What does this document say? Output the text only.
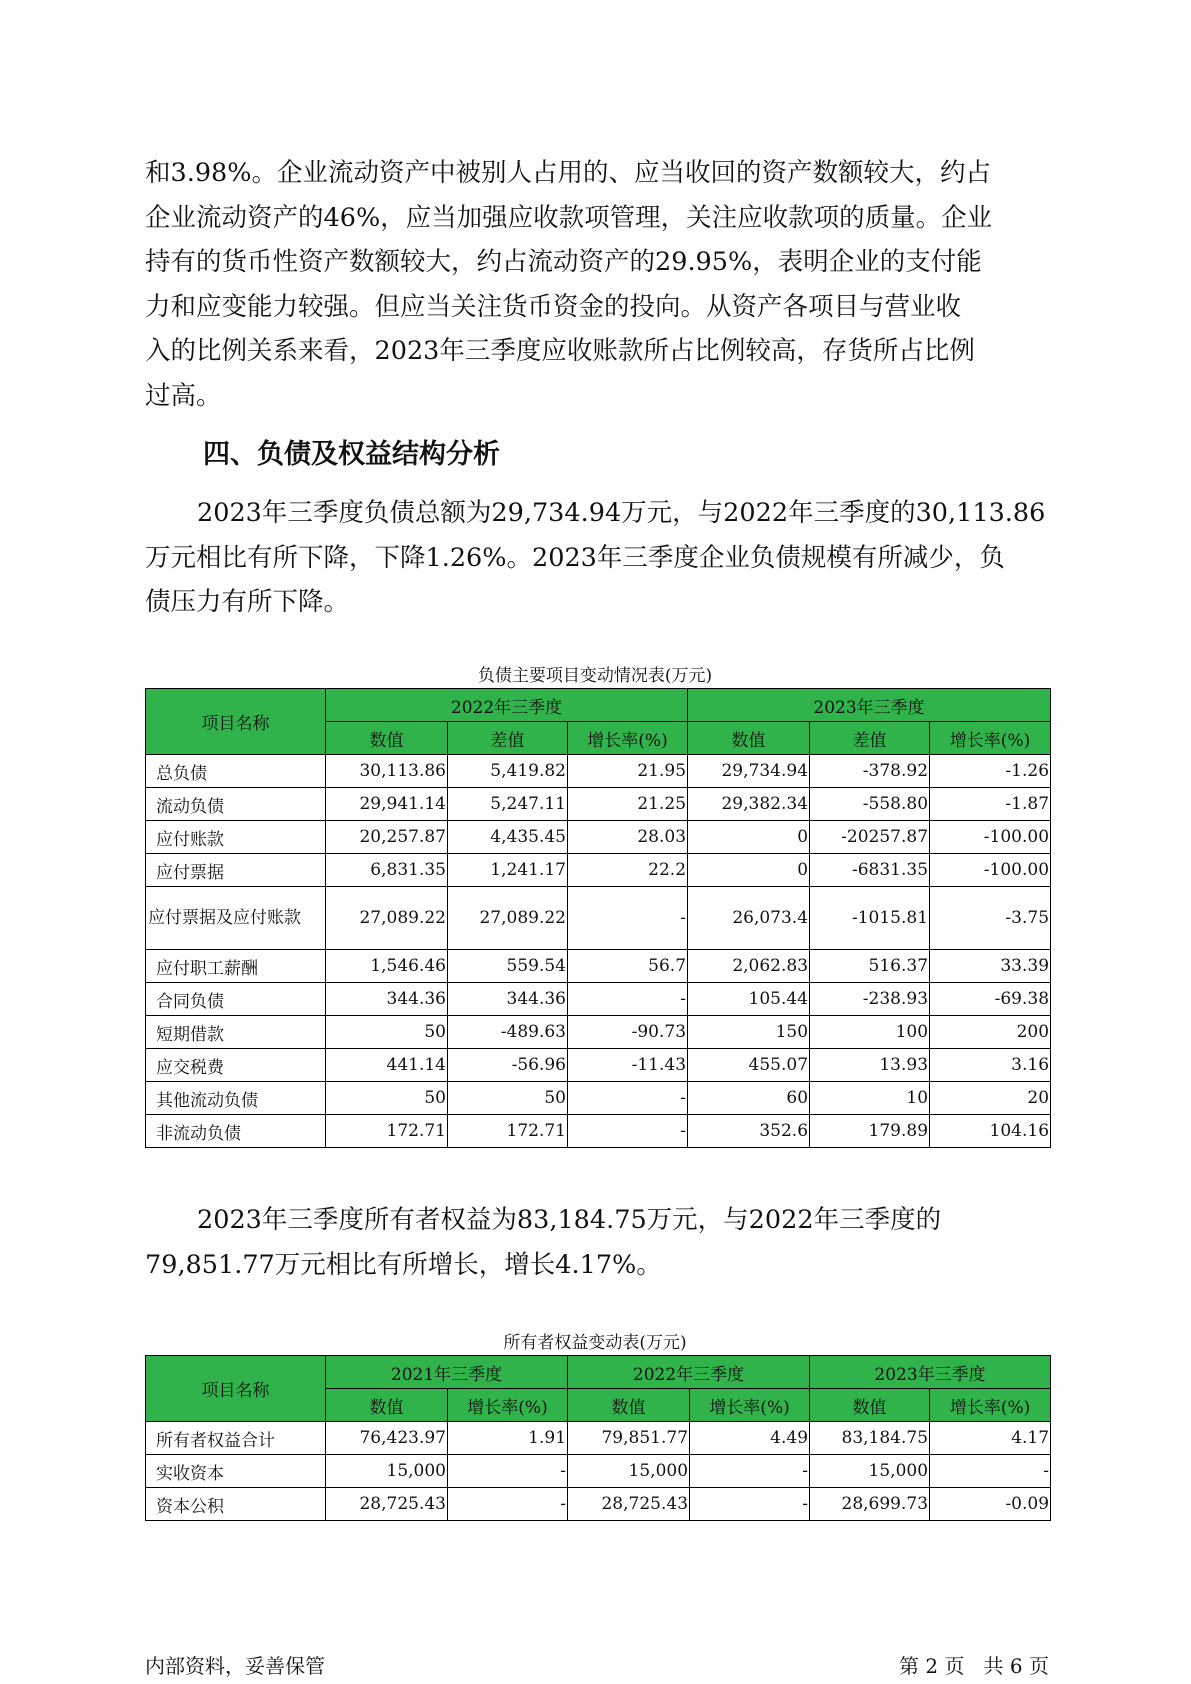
和3.98%。企业流动资产中被别人占用的、应当收回的资产数额较大，约占
企业流动资产的46%，应当加强应收款项管理，关注应收款项的质量。企业
持有的货币性资产数额较大，约占流动资产的29.95%，表明企业的支付能
力和应变能力较强。但应当关注货币资金的投向。从资产各项目与营业收
入的比例关系来看，2023年三季度应收账款所占比例较高，存货所占比例
过高。
四、负债及权益结构分析
2023年三季度负债总额为29,734.94万元，与2022年三季度的30,113.86
万元相比有所下降，下降1.26%。2023年三季度企业负债规模有所减少，负
债压力有所下降。
负债主要项目变动情况表(万元)
项目名称	2022年三季度			2023年三季度		
	数值	差值	增长率(%)	数值	差值	增长率(%)
总负债	30,113.86	5,419.82	21.95	29,734.94	-378.92	-1.26
流动负债	29,941.14	5,247.11	21.25	29,382.34	-558.80	-1.87
应付账款	20,257.87	4,435.45	28.03	0	-20257.87	-100.00
应付票据	6,831.35	1,241.17	22.2	0	-6831.35	-100.00
应付票据及应付账款	27,089.22	27,089.22	-	26,073.4	-1015.81	-3.75
应付职工薪酬	1,546.46	559.54	56.7	2,062.83	516.37	33.39
合同负债	344.36	344.36	-	105.44	-238.93	-69.38
短期借款	50	-489.63	-90.73	150	100	200
应交税费	441.14	-56.96	-11.43	455.07	13.93	3.16
其他流动负债	50	50	-	60	10	20
非流动负债	172.71	172.71	-	352.6	179.89	104.16
2023年三季度所有者权益为83,184.75万元，与2022年三季度的
79,851.77万元相比有所增长，增长4.17%。
所有者权益变动表(万元)
项目名称	2021年三季度		2022年三季度		2023年三季度	
	数值	增长率(%)	数值	增长率(%)	数值	增长率(%)
所有者权益合计	76,423.97	1.91	79,851.77	4.49	83,184.75	4.17
实收资本	15,000	-	15,000	-	15,000	-
资本公积	28,725.43	-	28,725.43	-	28,699.73	-0.09
内部资料，妥善保管	第 2 页   共 6 页
